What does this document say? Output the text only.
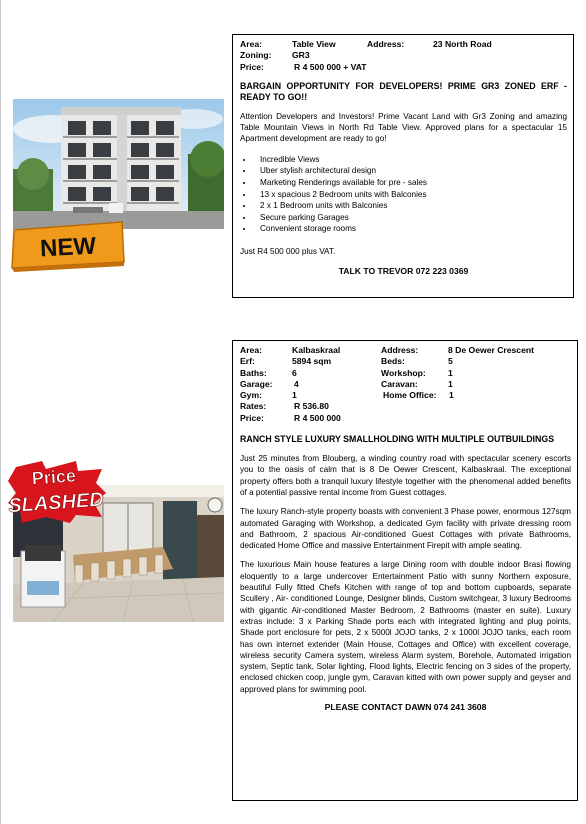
NEW
Area:	Table View	Address:	23 North Road
Zoning: GR3
Price:	R 4 500 000 + VAT
BARGAIN OPPORTUNITY FOR DEVELOPERS! PRIME GR3 ZONED ERF - READY TO GO!!
Attention Developers and Investors! Prime Vacant Land with Gr3 Zoning and amazing Table Mountain Views in North Rd Table View. Approved plans for a spectacular 15 Apartment development are ready to go!
• Incredible Views
• Uber stylish architectural design
• Marketing Renderings available for pre - sales
• 13 x spacious 2 Bedroom units with Balconies
• 2 x 1 Bedroom units with Balconies
• Secure parking Garages
• Convenient storage rooms
Just R4 500 000 plus VAT.
TALK TO TREVOR 072 223 0369
Price
SLASHED
Area:	Kalbaskraal	Address:	8 De Oewer Crescent
Erf:	5894 sqm	Beds:	5
Baths:	6	Workshop:	1
Garage:	4	Caravan:	1
Gym:	1	Home Office: 1
Rates:	R 536.80
Price:	R 4 500 000
RANCH STYLE LUXURY SMALLHOLDING WITH MULTIPLE OUTBUILDINGS
Just 25 minutes from Blouberg, a winding country road with spectacular scenery escorts you to the oasis of calm that is 8 De Oewer Crescent, Kalbaskraal. The exceptional property offers both a tranquil luxury lifestyle together with the phenomenal added benefits of a potential passive rental income from Guest cottages.
The luxury Ranch-style property boasts with convenient 3 Phase power, enormous 127sqm automated Garaging with Workshop, a dedicated Gym facility with private dressing room and Bathroom, 2 spacious Air-conditioned Guest Cottages with private Bathrooms, dedicated Home Office and massive Entertainment Firepit with ample seating.
The luxurious Main house features a large Dining room with double indoor Brasi flowing eloquently to a large undercover Entertainment Patio with sunny Northern exposure, beautiful Fully fitted Chefs Kitchen with range of top and bottom cupboards, separate Scullery , Air- conditioned Lounge, Designer blinds, Custom switchgear, 3 luxury Bedrooms with gigantic Air-conditioned Master Bedroom, 2 Bathrooms (master en suite). Luxury extras include: 3 x Parking Shade ports each with integrated lighting and plug points, Shade port enclosure for pets, 2 x 5000l JOJO tanks, 2 x 1000l JOJO tanks, each room has own internet extender (Main House, Cottages and Office) with excellent coverage, wireless security Camera system, wireless Alarm system, Borehole, Automated irrigation system, Septic tank, Solar lighting, Flood lights, Electric fencing on 3 sides of the property, enclosed chicken coop, jungle gym, Caravan kitted with own power supply and geyser and approved plans for swimming pool.
PLEASE CONTACT DAWN 074 241 3608
